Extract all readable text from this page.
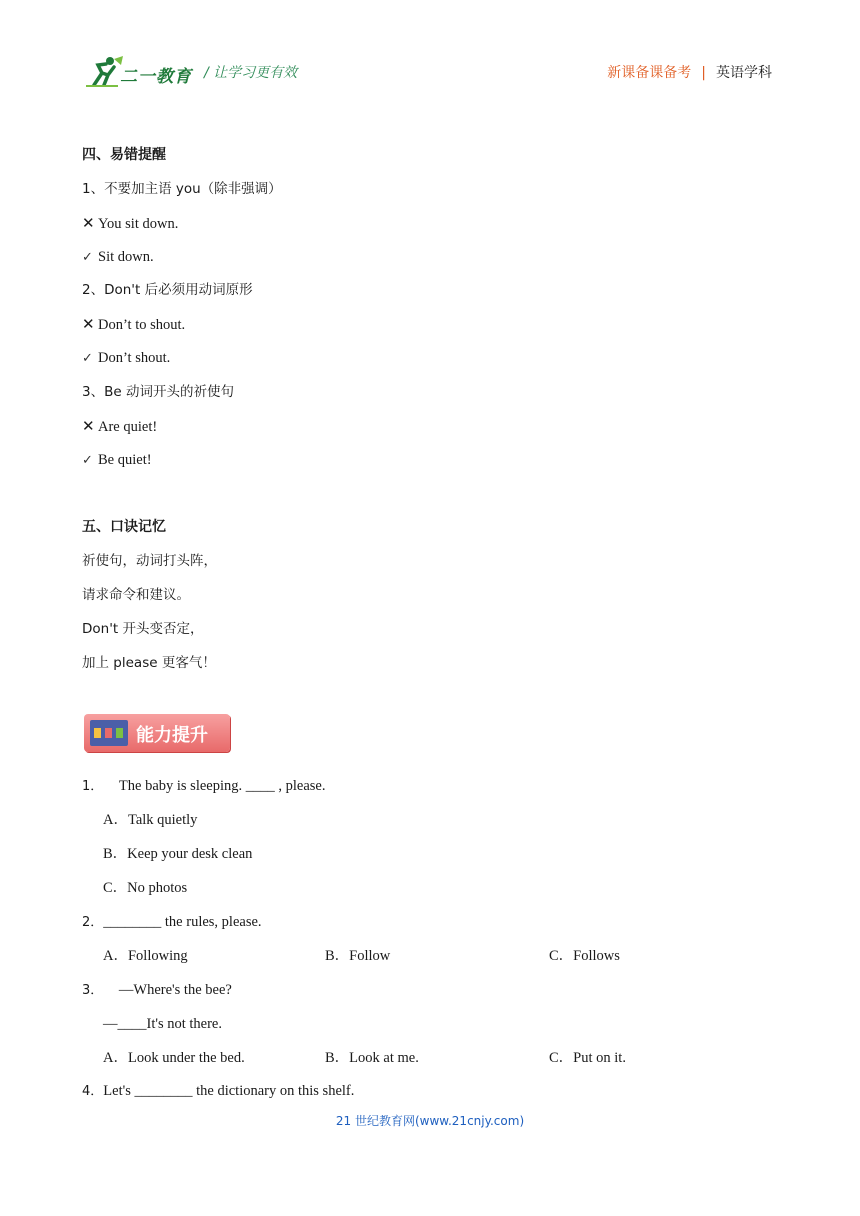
二一教育 / 让学习更有效	新课备课备考 | 英语学科
四、易错提醒
1、不要加主语 you（除非强调）
✕ You sit down.
✓ Sit down.
2、Don't 后必须用动词原形
✕ Don’t to shout.
✓ Don’t shout.
3、Be 动词开头的祈使句
✕ Are quiet!
✓ Be quiet!
五、口诀记忆
祈使句，动词打头阵，
请求命令和建议。
Don't 开头变否定，
加上 please 更客气！
能力提升
1． The baby is sleeping. ____ , please.
A．Talk quietly
B．Keep your desk clean
C．No photos
2．________ the rules, please.
A．Following	B．Follow	C．Follows
3． —Where's the bee?
—____It's not there.
A．Look under the bed.	B．Look at me.	C．Put on it.
4．Let's ________ the dictionary on this shelf.
21 世纪教育网(www.21cnjy.com)
